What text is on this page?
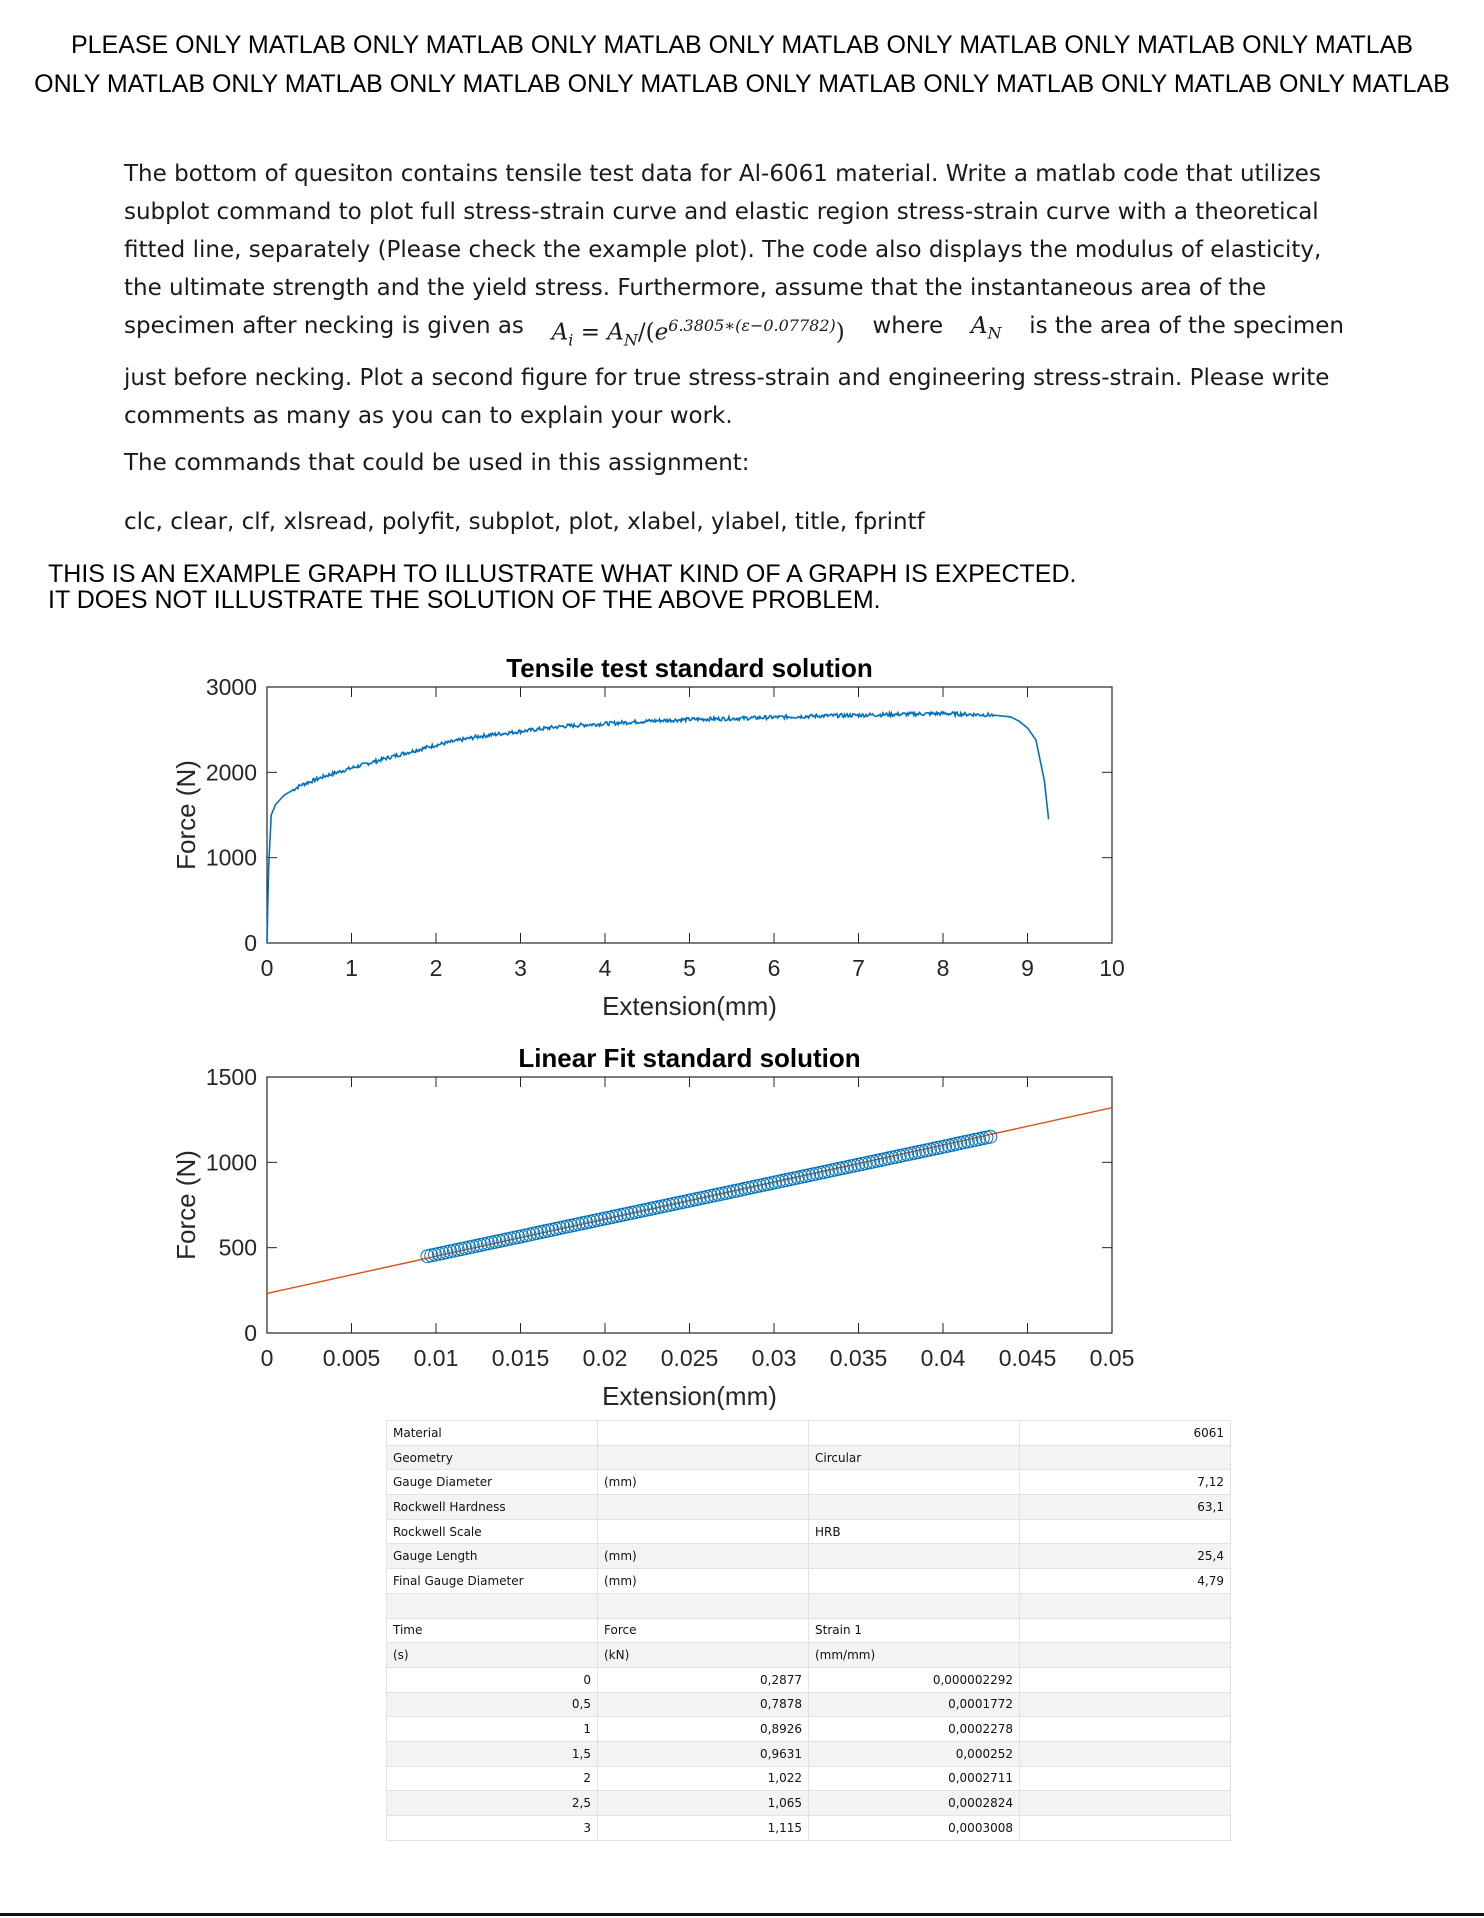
PLEASE ONLY MATLAB ONLY MATLAB ONLY MATLAB ONLY MATLAB ONLY MATLAB ONLY MATLAB ONLY MATLAB
ONLY MATLAB ONLY MATLAB ONLY MATLAB ONLY MATLAB ONLY MATLAB ONLY MATLAB ONLY MATLAB ONLY MATLAB
The bottom of quesiton contains tensile test data for Al-6061 material. Write a matlab code that utilizes
subplot command to plot full stress-strain curve and elastic region stress-strain curve with a theoretical
fitted line, separately (Please check the example plot). The code also displays the modulus of elasticity,
the ultimate strength and the yield stress. Furthermore, assume that the instantaneous area of the
specimen after necking is given as $A_i = A_N/(e^{6.3805∗(\varepsilon-0.07782)})$ where $A_N$ is the area of the specimen
just before necking. Plot a second figure for true stress-strain and engineering stress-strain. Please write
comments as many as you can to explain your work.
The commands that could be used in this assignment:
clc, clear, clf, xlsread, polyfit, subplot, plot, xlabel, ylabel, title, fprintf
THIS IS AN EXAMPLE GRAPH TO ILLUSTRATE WHAT KIND OF A GRAPH IS EXPECTED.
IT DOES NOT ILLUSTRATE THE SOLUTION OF THE ABOVE PROBLEM.
0	1	2	3	4	5	6	7	8	9	10
0
1000
2000
3000
Tensile test standard solution
Extension(mm)
Force (N)
0 0.005 0.01 0.015 0.02 0.025 0.03 0.035 0.04 0.045 0.05
0
500
1000
1500
Linear Fit standard solution
Extension(mm)
Force (N)
Material			6061
Geometry		Circular	
Gauge Diameter	(mm)		7,12
Rockwell Hardness			63,1
Rockwell Scale		HRB	
Gauge Length	(mm)		25,4
Final Gauge Diameter	(mm)		4,79

Time	Force	Strain 1	
(s)	(kN)	(mm/mm)	
0	0,2877	0,000002292	
0,5	0,7878	0,0001772	
1	0,8926	0,0002278	
1,5	0,9631	0,000252	
2	1,022	0,0002711	
2,5	1,065	0,0002824	
3	1,115	0,0003008	
